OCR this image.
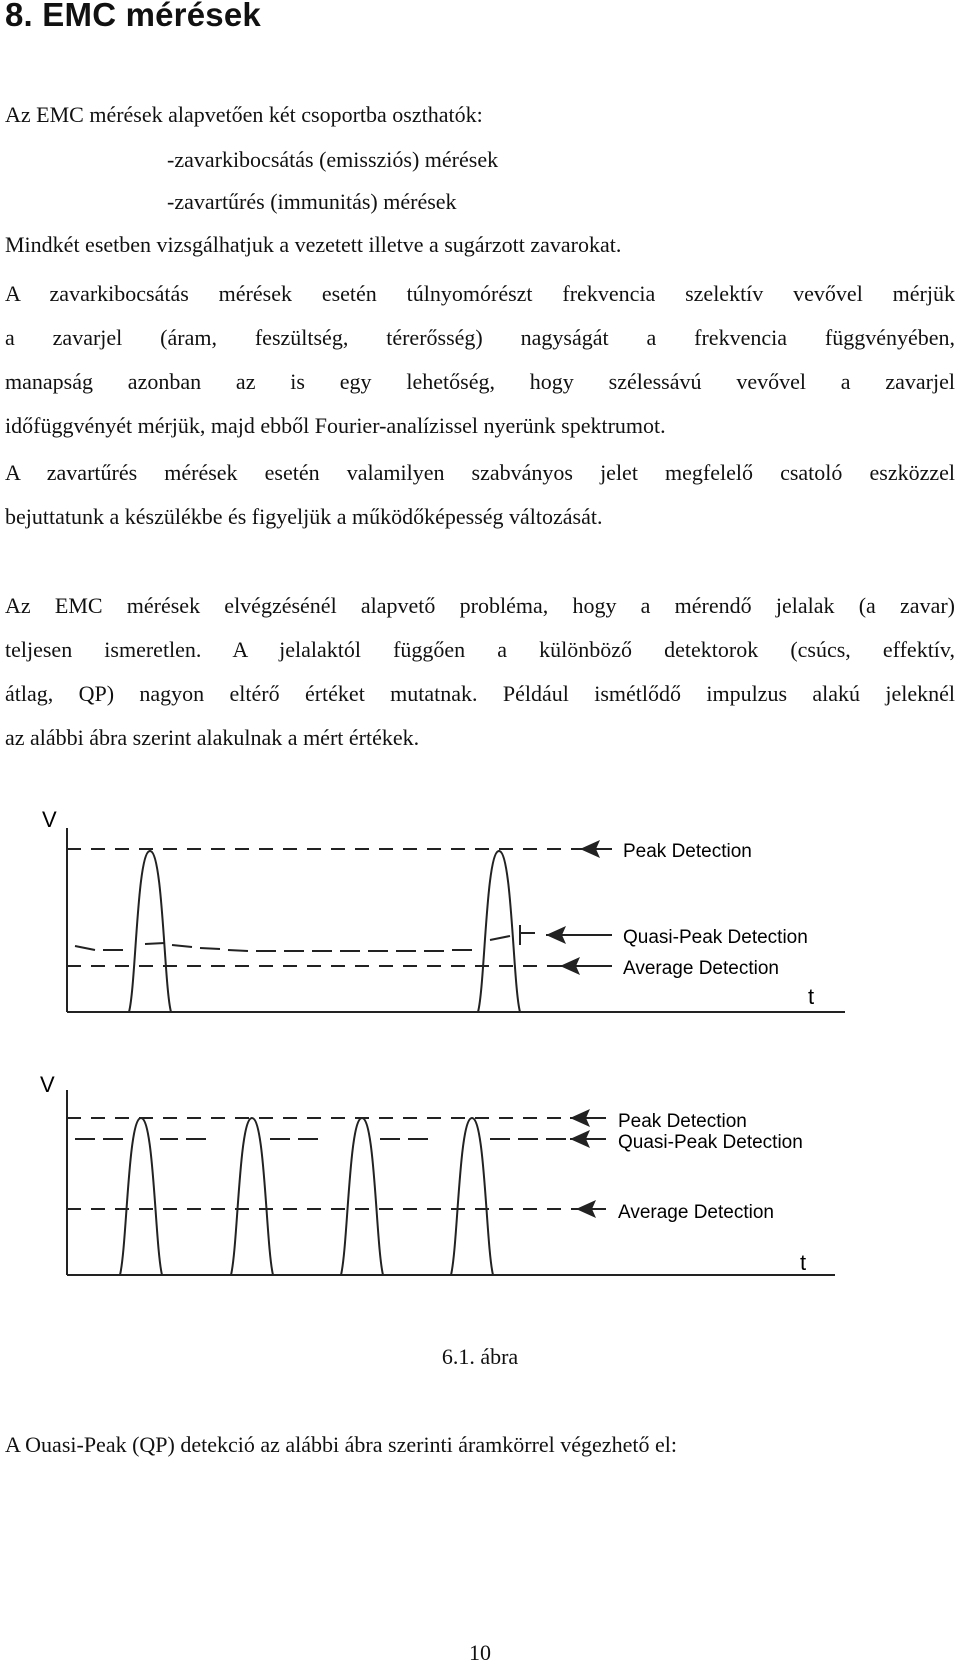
8. EMC mérések
Az EMC mérések alapvetően két csoportba oszthatók:
-zavarkibocsátás (emissziós) mérések
-zavartűrés (immunitás) mérések
Mindkét esetben vizsgálhatjuk a vezetett illetve a sugárzott zavarokat.
A zavarkibocsátás mérések esetén túlnyomórészt frekvencia szelektív vevővel mérjük
a zavarjel (áram, feszültség, térerősség) nagyságát a frekvencia függvényében,
manapság azonban az is egy lehetőség, hogy szélessávú vevővel a zavarjel
időfüggvényét mérjük, majd ebből Fourier-analízissel nyerünk spektrumot.
A zavartűrés mérések esetén valamilyen szabványos jelet megfelelő csatoló eszközzel
bejuttatunk a készülékbe és figyeljük a működőképesség változását.
Az EMC mérések elvégzésénél alapvető probléma, hogy a mérendő jelalak (a zavar)
teljesen ismeretlen. A jelalaktól függően a különböző detektorok (csúcs, effektív,
átlag, QP) nagyon eltérő értéket mutatnak. Például ismétlődő impulzus alakú jeleknél
az alábbi ábra szerint alakulnak a mért értékek.
V
t
Peak Detection
Quasi-Peak Detection
Average Detection
V
t
Peak Detection
Quasi-Peak Detection
Average Detection
6.1. ábra
A Ouasi-Peak (QP) detekció az alábbi ábra szerinti áramkörrel végezhető el:
10
